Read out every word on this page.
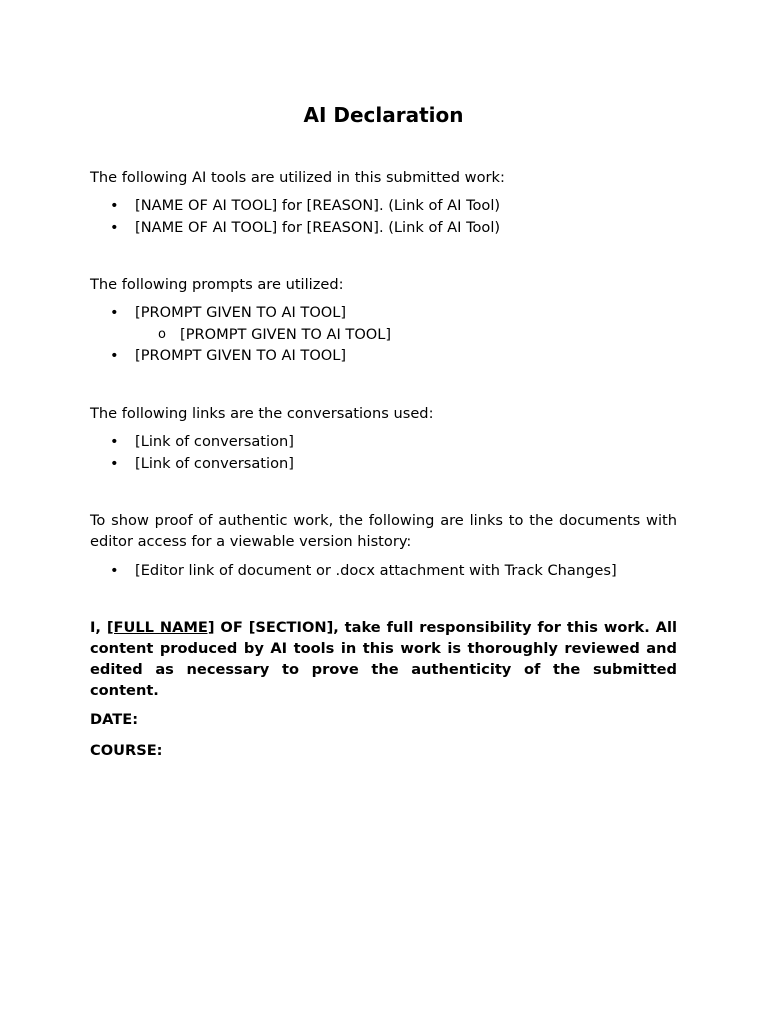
AI Declaration

The following AI tools are utilized in this submitted work:

• [NAME OF AI TOOL] for [REASON]. (Link of AI Tool)
• [NAME OF AI TOOL] for [REASON]. (Link of AI Tool)

The following prompts are utilized:

• [PROMPT GIVEN TO AI TOOL]
o [PROMPT GIVEN TO AI TOOL]
• [PROMPT GIVEN TO AI TOOL]

The following links are the conversations used:

• [Link of conversation]
• [Link of conversation]

To show proof of authentic work, the following are links to the documents with editor access for a viewable version history:

• [Editor link of document or .docx attachment with Track Changes]

I, [FULL NAME] OF [SECTION], take full responsibility for this work. All content produced by AI tools in this work is thoroughly reviewed and edited as necessary to prove the authenticity of the submitted content.

DATE:

COURSE:
